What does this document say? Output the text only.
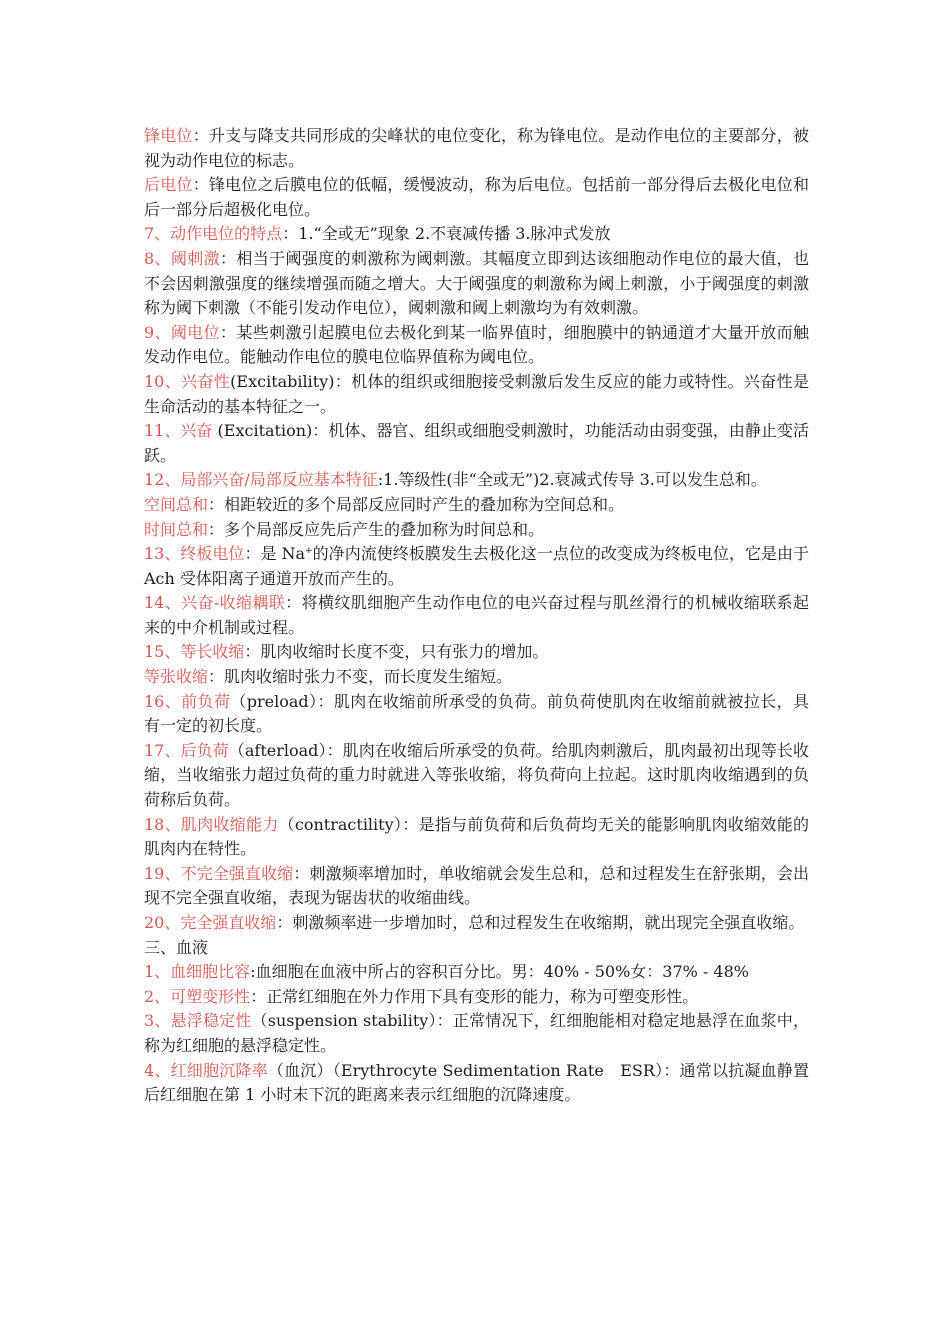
锋电位：升支与降支共同形成的尖峰状的电位变化，称为锋电位。是动作电位的主要部分，被视为动作电位的标志。

后电位：锋电位之后膜电位的低幅，缓慢波动，称为后电位。包括前一部分得后去极化电位和后一部分后超极化电位。

7、动作电位的特点：1.“全或无”现象 2.不衰减传播 3.脉冲式发放

8、阈刺激：相当于阈强度的刺激称为阈刺激。其幅度立即到达该细胞动作电位的最大值，也不会因刺激强度的继续增强而随之增大。大于阈强度的刺激称为阈上刺激，小于阈强度的刺激称为阈下刺激（不能引发动作电位），阈刺激和阈上刺激均为有效刺激。

9、阈电位：某些刺激引起膜电位去极化到某一临界值时，细胞膜中的钠通道才大量开放而触发动作电位。能触动作电位的膜电位临界值称为阈电位。

10、兴奋性(Excitability)：机体的组织或细胞接受刺激后发生反应的能力或特性。兴奋性是生命活动的基本特征之一。

11、兴奋 (Excitation)：机体、器官、组织或细胞受刺激时，功能活动由弱变强，由静止变活跃。

12、局部兴奋/局部反应基本特征:1.等级性(非“全或无”)2.衰减式传导 3.可以发生总和。

空间总和：相距较近的多个局部反应同时产生的叠加称为空间总和。

时间总和：多个局部反应先后产生的叠加称为时间总和。

13、终板电位：是 Na+的净内流使终板膜发生去极化这一点位的改变成为终板电位，它是由于 Ach 受体阳离子通道开放而产生的。

14、兴奋-收缩耦联：将横纹肌细胞产生动作电位的电兴奋过程与肌丝滑行的机械收缩联系起来的中介机制或过程。

15、等长收缩：肌肉收缩时长度不变，只有张力的增加。

等张收缩：肌肉收缩时张力不变，而长度发生缩短。

16、前负荷（preload）：肌肉在收缩前所承受的负荷。前负荷使肌肉在收缩前就被拉长，具有一定的初长度。

17、后负荷（afterload）：肌肉在收缩后所承受的负荷。给肌肉刺激后，肌肉最初出现等长收缩，当收缩张力超过负荷的重力时就进入等张收缩，将负荷向上拉起。这时肌肉收缩遇到的负荷称后负荷。

18、肌肉收缩能力（contractility）：是指与前负荷和后负荷均无关的能影响肌肉收缩效能的肌肉内在特性。

19、不完全强直收缩：刺激频率增加时，单收缩就会发生总和，总和过程发生在舒张期，会出现不完全强直收缩，表现为锯齿状的收缩曲线。

20、完全强直收缩：刺激频率进一步增加时，总和过程发生在收缩期，就出现完全强直收缩。

三、血液

1、血细胞比容:血细胞在血液中所占的容积百分比。男：40% - 50%女：37% - 48%

2、可塑变形性：正常红细胞在外力作用下具有变形的能力，称为可塑变形性。

3、悬浮稳定性（suspension stability）：正常情况下，红细胞能相对稳定地悬浮在血浆中，称为红细胞的悬浮稳定性。

4、红细胞沉降率（血沉）（Erythrocyte Sedimentation Rate　ESR）：通常以抗凝血静置后红细胞在第 1 小时末下沉的距离来表示红细胞的沉降速度。
